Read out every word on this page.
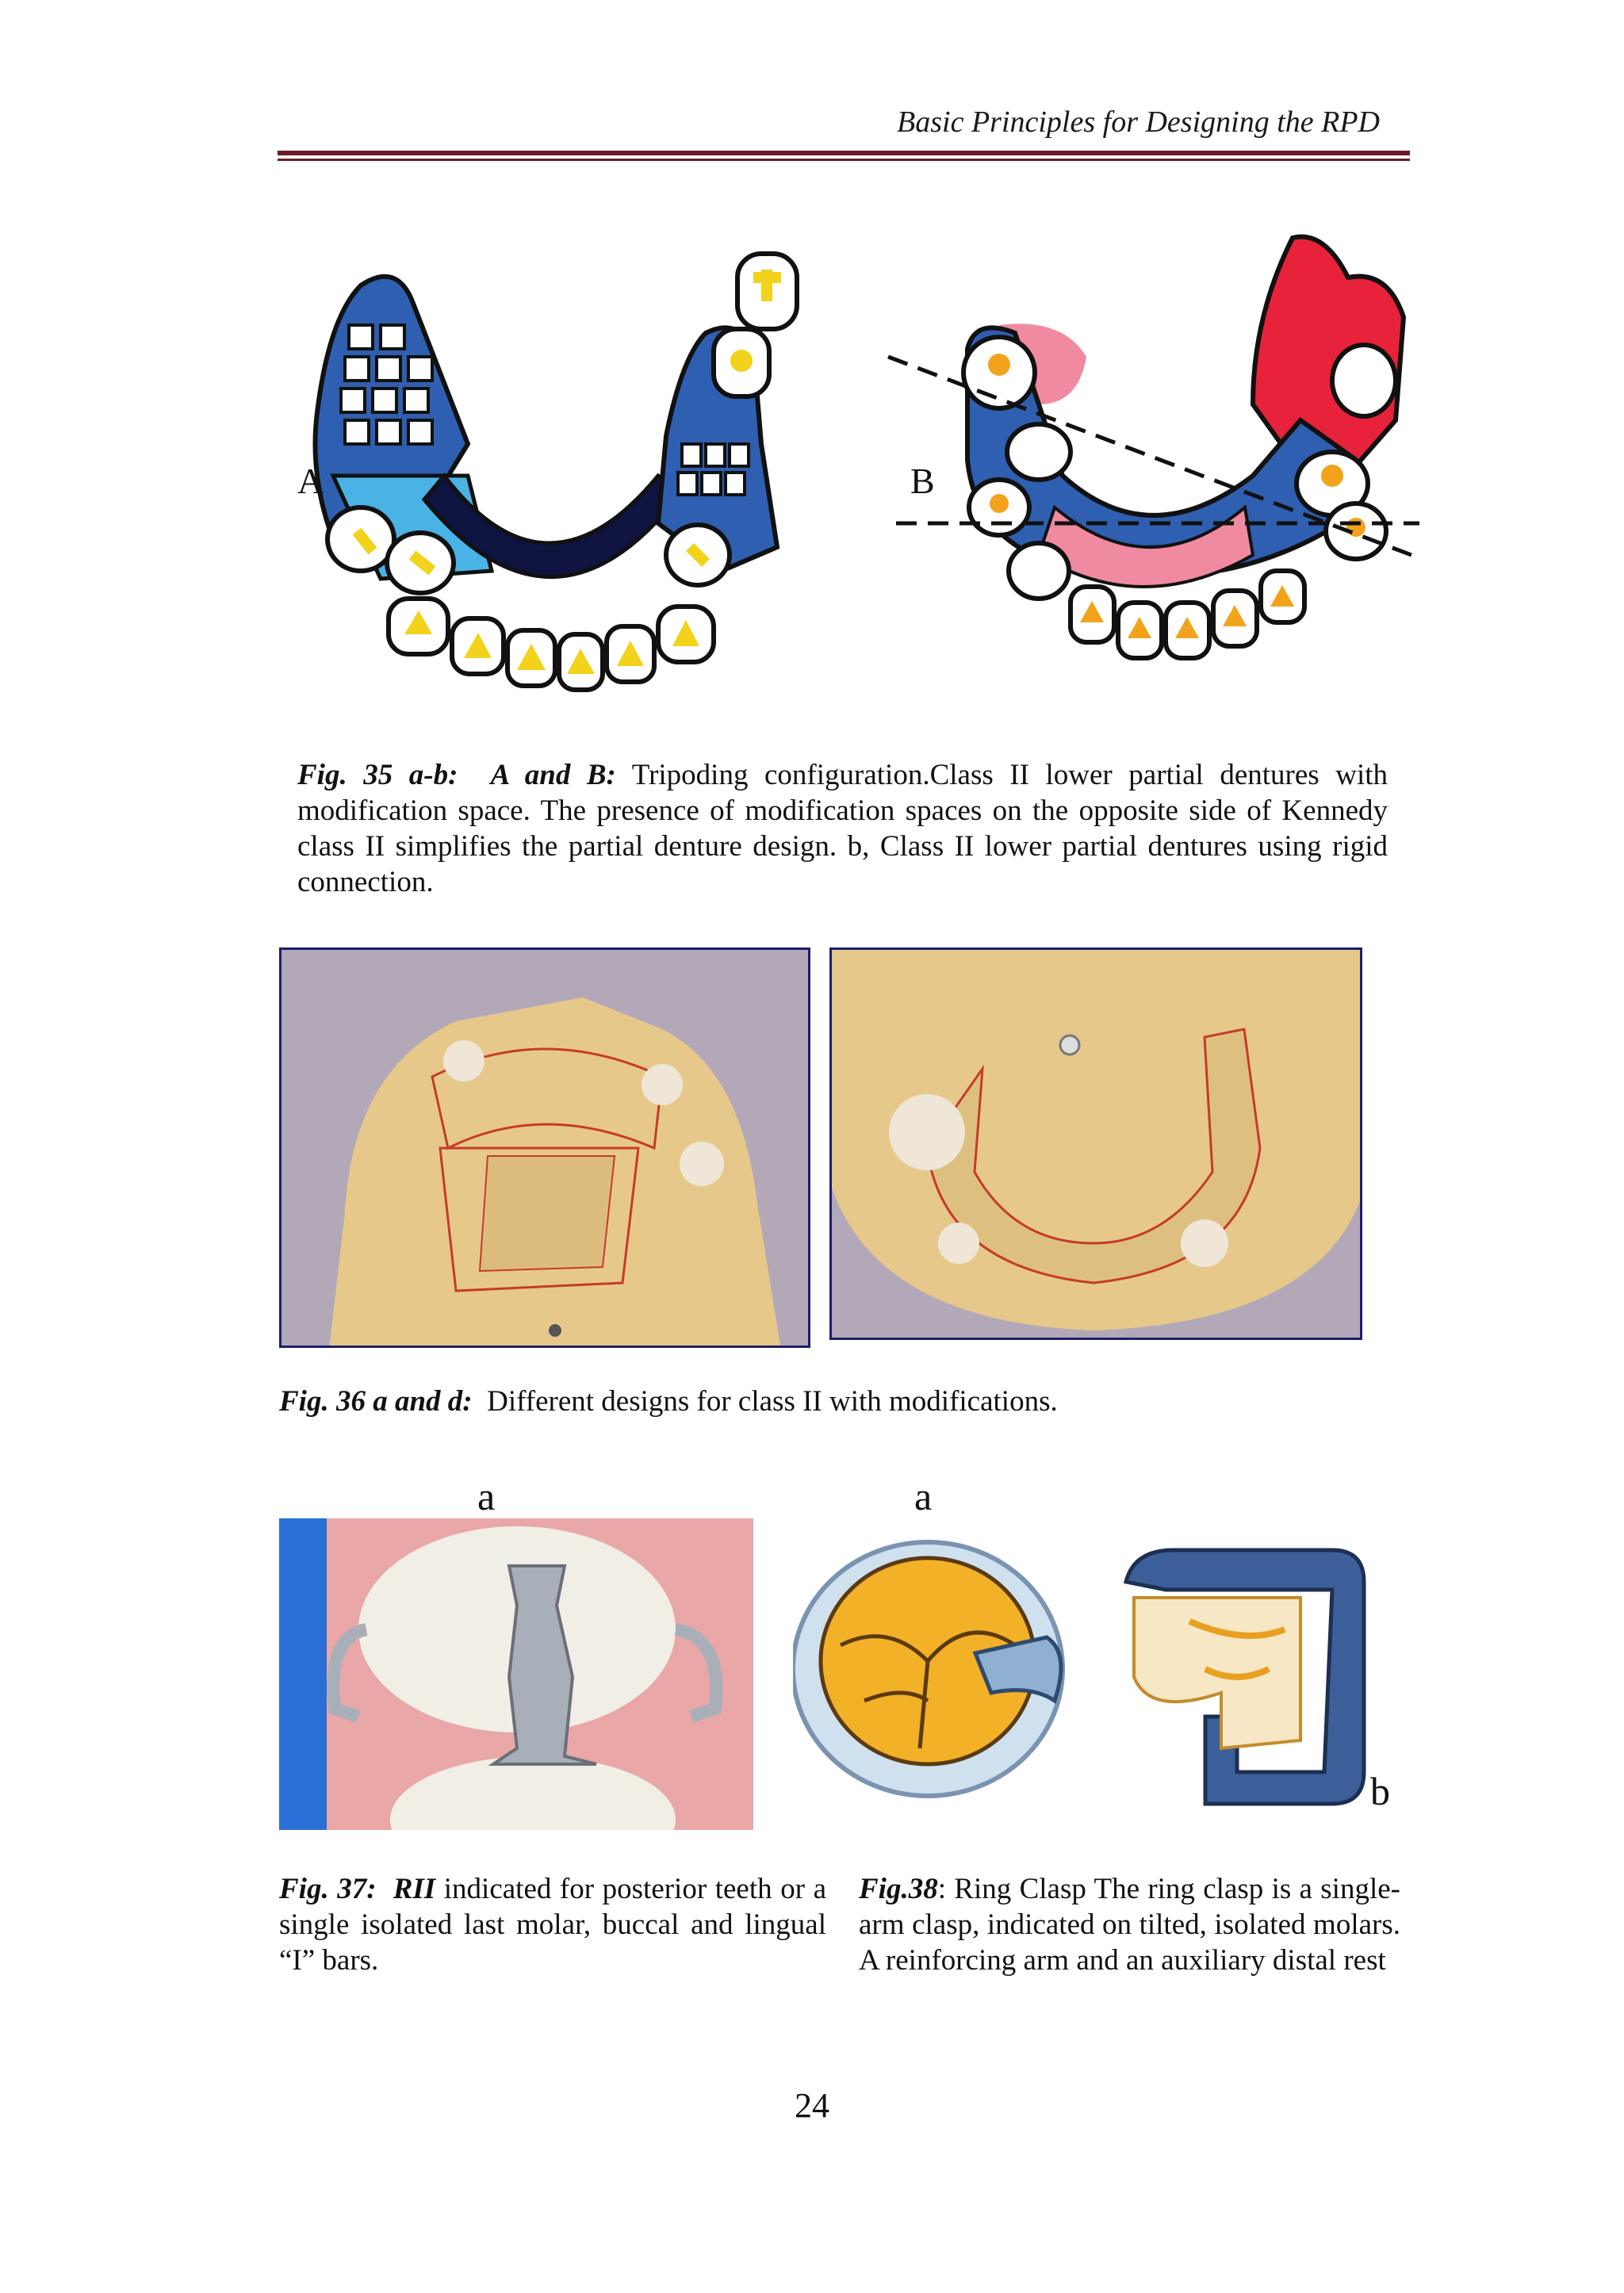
Basic Principles for Designing the RPD
A	B
Fig. 35 a-b: A and B: Tripoding configuration.Class II lower partial dentures with modification space. The presence of modification spaces on the opposite side of Kennedy class II simplifies the partial denture design. b, Class II lower partial dentures using rigid connection.
Fig. 36 a and d: Different designs for class II with modifications.
a	a
b
Fig. 37: RII indicated for posterior teeth or a single isolated last molar, buccal and lingual “I” bars.
Fig.38: Ring Clasp The ring clasp is a single-arm clasp, indicated on tilted, isolated molars. A reinforcing arm and an auxiliary distal rest
24
